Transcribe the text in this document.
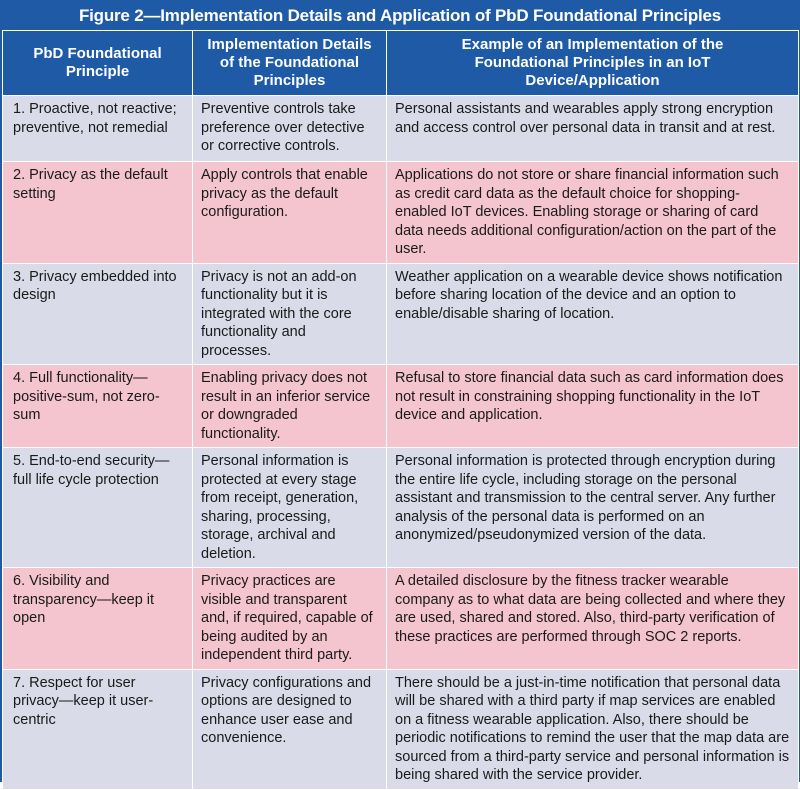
Figure 2—Implementation Details and Application of PbD Foundational Principles
PbD Foundational Principle	Implementation Details of the Foundational Principles	Example of an Implementation of the Foundational Principles in an IoT Device/Application
1. Proactive, not reactive; preventive, not remedial	Preventive controls take preference over detective or corrective controls.	Personal assistants and wearables apply strong encryption and access control over personal data in transit and at rest.
2. Privacy as the default setting	Apply controls that enable privacy as the default configuration.	Applications do not store or share financial information such as credit card data as the default choice for shopping-enabled IoT devices. Enabling storage or sharing of card data needs additional configuration/action on the part of the user.
3. Privacy embedded into design	Privacy is not an add-on functionality but it is integrated with the core functionality and processes.	Weather application on a wearable device shows notification before sharing location of the device and an option to enable/disable sharing of location.
4. Full functionality—positive-sum, not zero-sum	Enabling privacy does not result in an inferior service or downgraded functionality.	Refusal to store financial data such as card information does not result in constraining shopping functionality in the IoT device and application.
5. End-to-end security—full life cycle protection	Personal information is protected at every stage from receipt, generation, sharing, processing, storage, archival and deletion.	Personal information is protected through encryption during the entire life cycle, including storage on the personal assistant and transmission to the central server. Any further analysis of the personal data is performed on an anonymized/pseudonymized version of the data.
6. Visibility and transparency—keep it open	Privacy practices are visible and transparent and, if required, capable of being audited by an independent third party.	A detailed disclosure by the fitness tracker wearable company as to what data are being collected and where they are used, shared and stored. Also, third-party verification of these practices are performed through SOC 2 reports.
7. Respect for user privacy—keep it user-centric	Privacy configurations and options are designed to enhance user ease and convenience.	There should be a just-in-time notification that personal data will be shared with a third party if map services are enabled on a fitness wearable application. Also, there should be periodic notifications to remind the user that the map data are sourced from a third-party service and personal information is being shared with the service provider.
